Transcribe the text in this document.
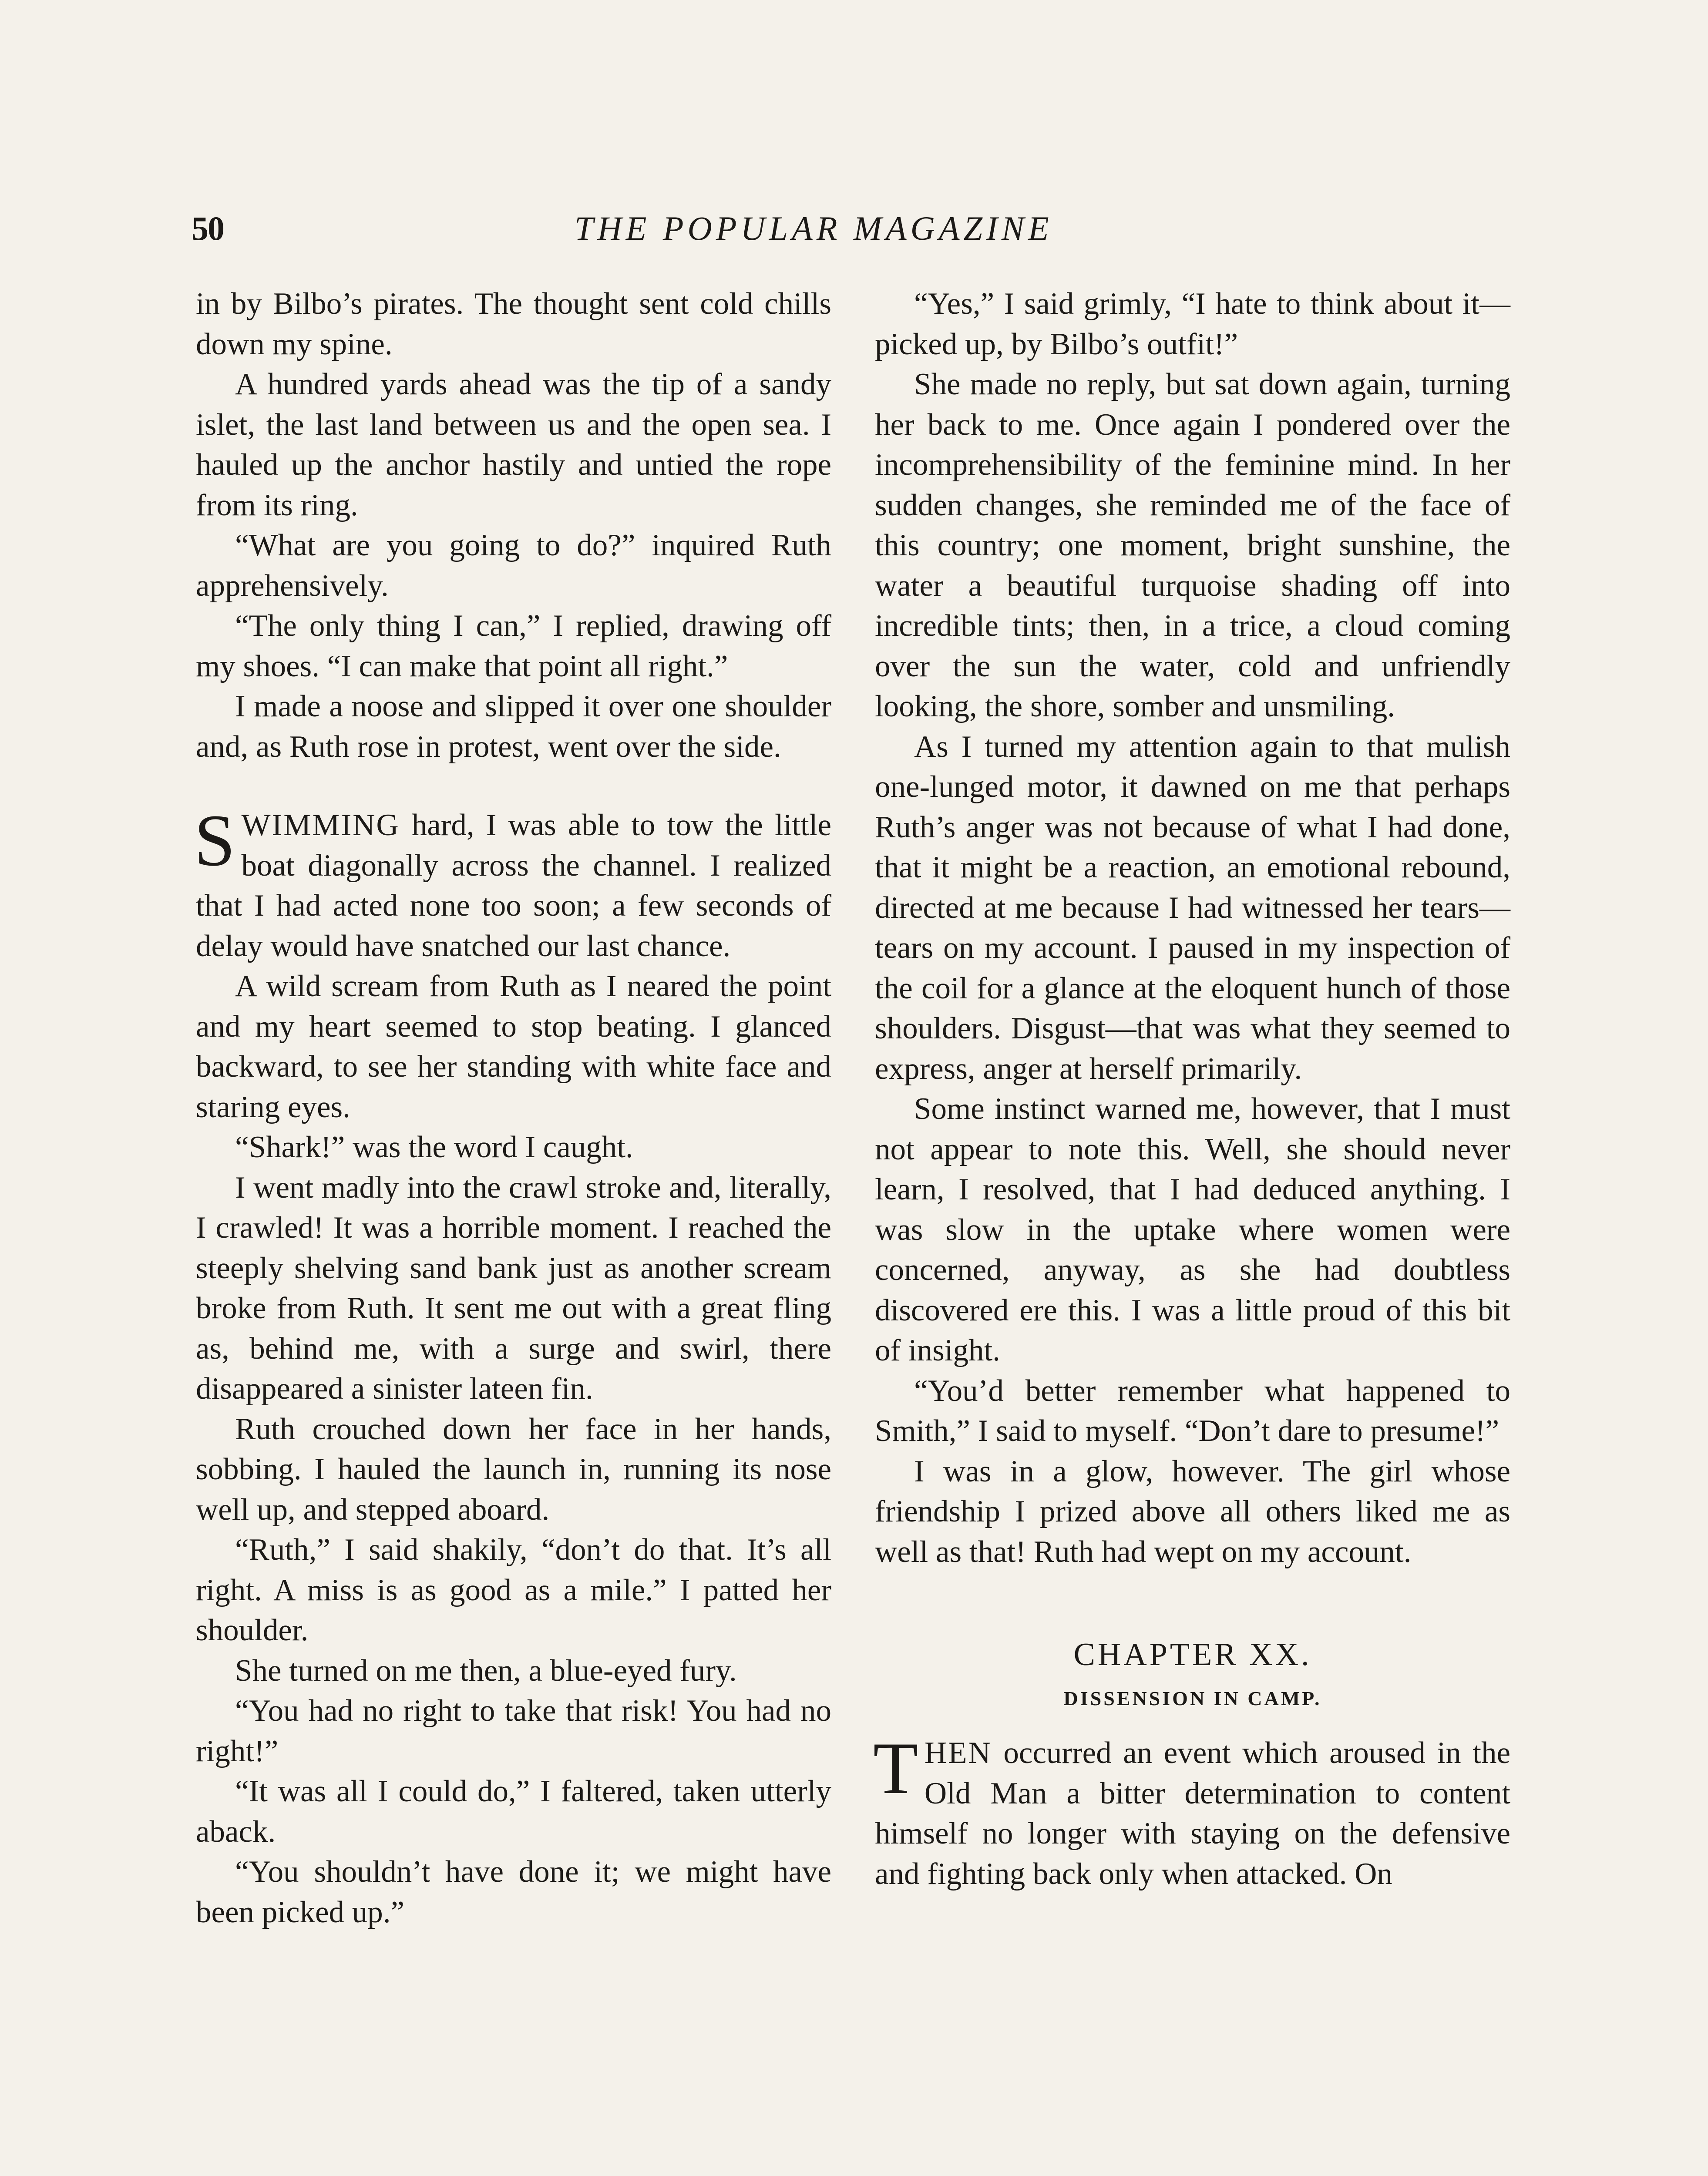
50	THE POPULAR MAGAZINE

in by Bilbo’s pirates. The thought sent cold chills down my spine.

A hundred yards ahead was the tip of a sandy islet, the last land between us and the open sea. I hauled up the anchor hastily and untied the rope from its ring.

“What are you going to do?” inquired Ruth apprehensively.

“The only thing I can,” I replied, drawing off my shoes. “I can make that point all right.”

I made a noose and slipped it over one shoulder and, as Ruth rose in protest, went over the side.

SWIMMING hard, I was able to tow the little boat diagonally across the channel. I realized that I had acted none too soon; a few seconds of delay would have snatched our last chance.

A wild scream from Ruth as I neared the point and my heart seemed to stop beating. I glanced backward, to see her standing with white face and staring eyes.

“Shark!” was the word I caught.

I went madly into the crawl stroke and, literally, I crawled! It was a horrible moment. I reached the steeply shelving sand bank just as another scream broke from Ruth. It sent me out with a great fling as, behind me, with a surge and swirl, there disappeared a sinister lateen fin.

Ruth crouched down her face in her hands, sobbing. I hauled the launch in, running its nose well up, and stepped aboard.

“Ruth,” I said shakily, “don’t do that. It’s all right. A miss is as good as a mile.” I patted her shoulder.

She turned on me then, a blue-eyed fury.

“You had no right to take that risk! You had no right!”

“It was all I could do,” I faltered, taken utterly aback.

“You shouldn’t have done it; we might have been picked up.”

“Yes,” I said grimly, “I hate to think about it—picked up, by Bilbo’s outfit!”

She made no reply, but sat down again, turning her back to me. Once again I pondered over the incomprehensibility of the feminine mind. In her sudden changes, she reminded me of the face of this country; one moment, bright sunshine, the water a beautiful turquoise shading off into incredible tints; then, in a trice, a cloud coming over the sun the water, cold and unfriendly looking, the shore, somber and unsmiling.

As I turned my attention again to that mulish one-lunged motor, it dawned on me that perhaps Ruth’s anger was not because of what I had done, that it might be a reaction, an emotional rebound, directed at me because I had witnessed her tears—tears on my account. I paused in my inspection of the coil for a glance at the eloquent hunch of those shoulders. Disgust—that was what they seemed to express, anger at herself primarily.

Some instinct warned me, however, that I must not appear to note this. Well, she should never learn, I resolved, that I had deduced anything. I was slow in the uptake where women were concerned, anyway, as she had doubtless discovered ere this. I was a little proud of this bit of insight.

“You’d better remember what happened to Smith,” I said to myself. “Don’t dare to presume!”

I was in a glow, however. The girl whose friendship I prized above all others liked me as well as that! Ruth had wept on my account.

CHAPTER XX.

DISSENSION IN CAMP.

THEN occurred an event which aroused in the Old Man a bitter determination to content himself no longer with staying on the defensive and fighting back only when attacked. On
